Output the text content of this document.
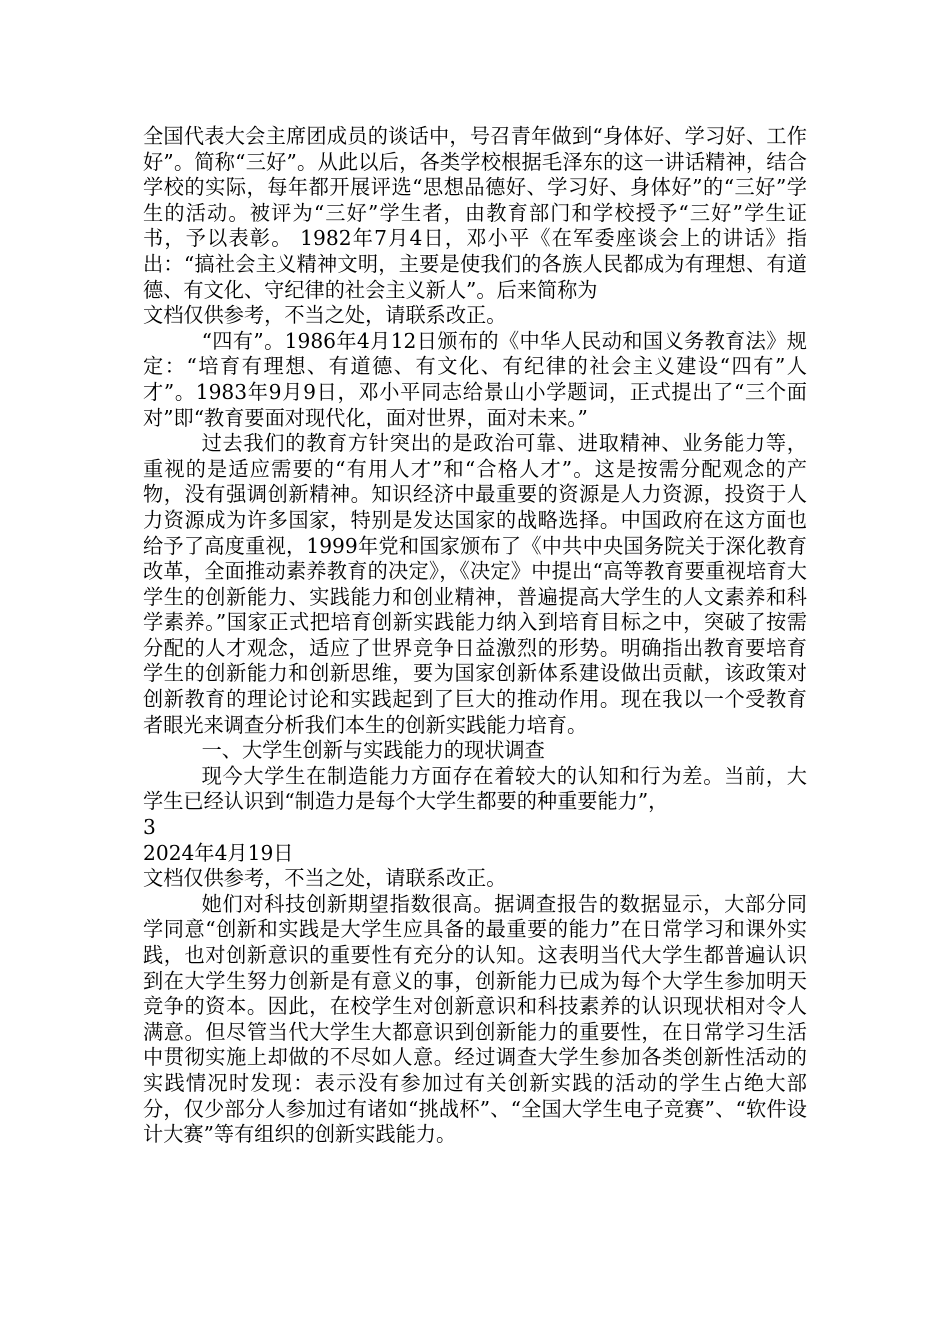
全国代表大会主席团成员的谈话中，号召青年做到“身体好、学习好、工作好”。简称“三好”。从此以后，各类学校根据毛泽东的这一讲话精神，结合学校的实际，每年都开展评选“思想品德好、学习好、身体好”的“三好”学生的活动。被评为“三好”学生者，由教育部门和学校授予“三好”学生证书，予以表彰。 1982年7月4日，邓小平《在军委座谈会上的讲话》指出：“搞社会主义精神文明，主要是使我们的各族人民都成为有理想、有道德、有文化、守纪律的社会主义新人”。后来简称为

文档仅供参考，不当之处，请联系改正。

“四有”。1986年4月12日颁布的《中华人民动和国义务教育法》规定：“培育有理想、有道德、有文化、有纪律的社会主义建设“四有”人才”。1983年9月9日，邓小平同志给景山小学题词，正式提出了“三个面对”即“教育要面对现代化，面对世界，面对未来。”

过去我们的教育方针突出的是政治可靠、进取精神、业务能力等，重视的是适应需要的“有用人才”和“合格人才”。这是按需分配观念的产物，没有强调创新精神。知识经济中最重要的资源是人力资源，投资于人力资源成为许多国家，特别是发达国家的战略选择。中国政府在这方面也给予了高度重视，1999年党和国家颁布了《中共中央国务院关于深化教育改革，全面推动素养教育的决定》，《决定》中提出“高等教育要重视培育大学生的创新能力、实践能力和创业精神，普遍提高大学生的人文素养和科学素养。”国家正式把培育创新实践能力纳入到培育目标之中，突破了按需分配的人才观念，适应了世界竞争日益激烈的形势。明确指出教育要培育学生的创新能力和创新思维，要为国家创新体系建设做出贡献，该政策对创新教育的理论讨论和实践起到了巨大的推动作用。现在我以一个受教育者眼光来调查分析我们本生的创新实践能力培育。

一、大学生创新与实践能力的现状调查

现今大学生在制造能力方面存在着较大的认知和行为差。当前，大学生已经认识到“制造力是每个大学生都要的种重要能力”，

3

2024年4月19日

文档仅供参考，不当之处，请联系改正。

她们对科技创新期望指数很高。据调查报告的数据显示，大部分同学同意“创新和实践是大学生应具备的最重要的能力”在日常学习和课外实践，也对创新意识的重要性有充分的认知。这表明当代大学生都普遍认识到在大学生努力创新是有意义的事，创新能力已成为每个大学生参加明天竞争的资本。因此，在校学生对创新意识和科技素养的认识现状相对令人满意。但尽管当代大学生大都意识到创新能力的重要性，在日常学习生活中贯彻实施上却做的不尽如人意。经过调查大学生参加各类创新性活动的实践情况时发现：表示没有参加过有关创新实践的活动的学生占绝大部分，仅少部分人参加过有诸如“挑战杯”、“全国大学生电子竞赛”、“软件设计大赛”等有组织的创新实践能力。
